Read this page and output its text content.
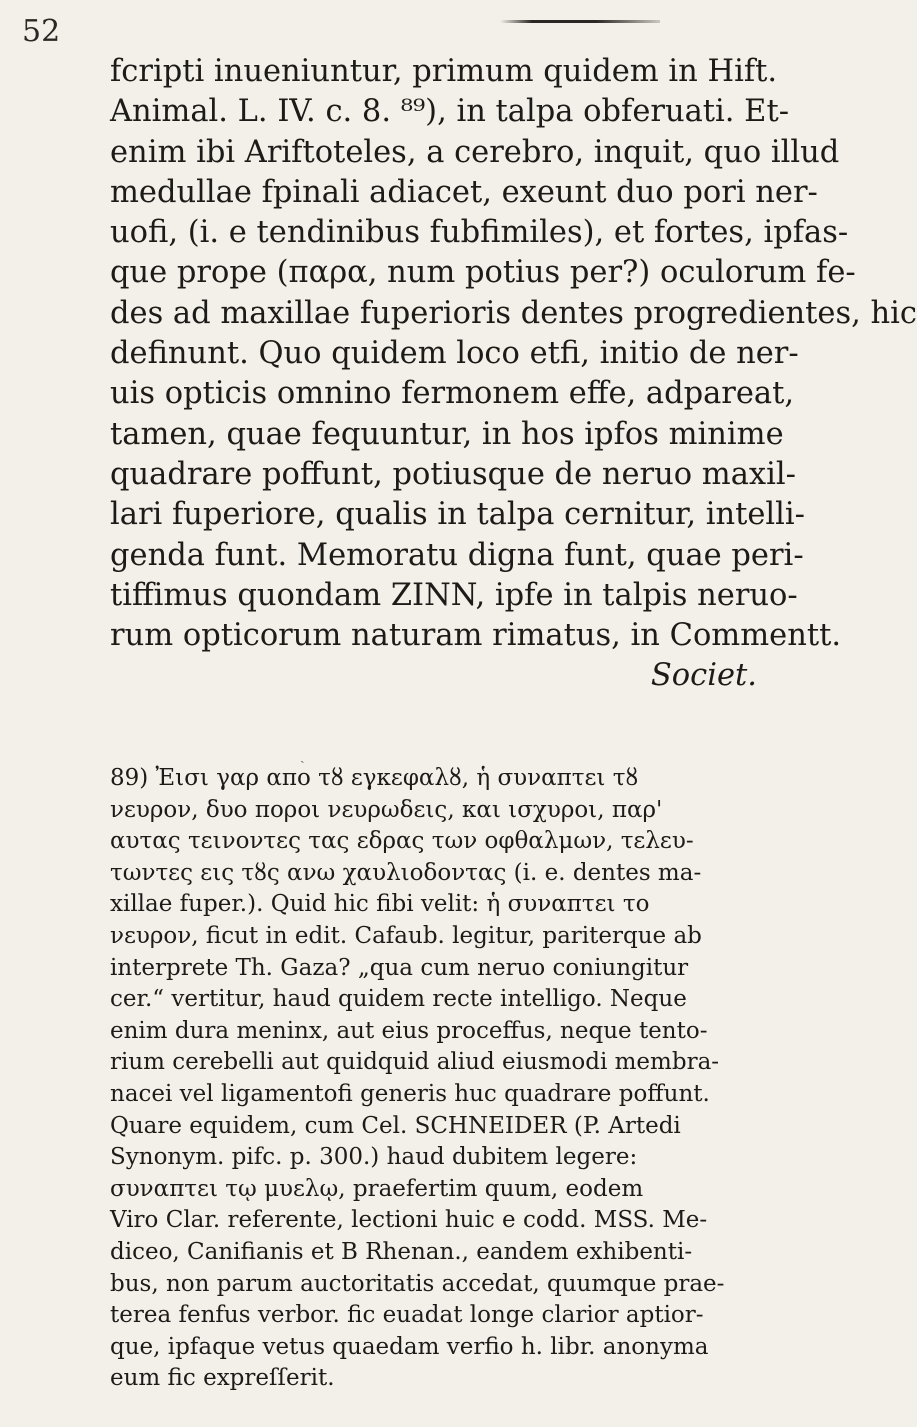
52
fcripti inueniuntur, primum quidem in Hift.
Animal. L. IV. c. 8. ⁸⁹), in talpa obferuati. Et-
enim ibi Ariftoteles, a cerebro, inquit, quo illud
medullae fpinali adiacet, exeunt duo pori ner-
uofi, (i. e tendinibus fubfimiles), et fortes, ipfas-
que prope (παρα, num potius per?) oculorum fe-
des ad maxillae fuperioris dentes progredientes, hic
definunt. Quo quidem loco etfi, initio de ner-
uis opticis omnino fermonem effe, adpareat,
tamen, quae fequuntur, in hos ipfos minime
quadrare poffunt, potiusque de neruo maxil-
lari fuperiore, qualis in talpa cernitur, intelli-
genda funt. Memoratu digna funt, quae peri-
tiffimus quondam ZINN, ipfe in talpis neruo-
rum opticorum naturam rimatus, in Commentt.
Societ.
89) Ἐισι γαρ απο τȣ εγκεφαλȣ, ἡ συναπτει τȣ
νευρον, δυο ποροι νευρωδεις, και ισχυροι, παρ'
αυτας τεινοντες τας εδρας των οφθαλμων, τελευ-
τωντες εις τȣς ανω χαυλιοδοντας (i. e. dentes ma-
xillae fuper.). Quid hic fibi velit: ἡ συναπτει το
νευρον, ficut in edit. Cafaub. legitur, pariterque ab
interprete Th. Gaza? „qua cum neruo coniungitur
cer.“ vertitur, haud quidem recte intelligo. Neque
enim dura meninx, aut eius proceffus, neque tento-
rium cerebelli aut quidquid aliud eiusmodi membra-
nacei vel ligamentofi generis huc quadrare poffunt.
Quare equidem, cum Cel. SCHNEIDER (P. Artedi
Synonym. pifc. p. 300.) haud dubitem legere:
συναπτει τῳ μυελῳ, praefertim quum, eodem
Viro Clar. referente, lectioni huic e codd. MSS. Me-
diceo, Canifianis et B Rhenan., eandem exhibenti-
bus, non parum auctoritatis accedat, quumque prae-
terea fenfus verbor. fic euadat longe clarior aptior-
que, ipfaque vetus quaedam verfio h. libr. anonyma
eum fic expreſſerit.
ˎ
